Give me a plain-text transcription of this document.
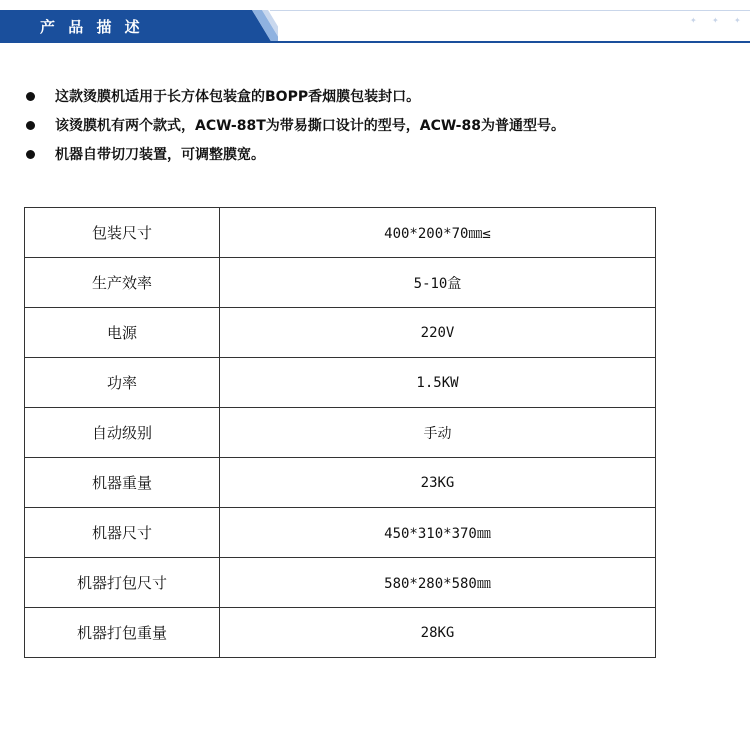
产 品 描 述	✦ ✦ ✦
这款烫膜机适用于长方体包装盒的BOPP香烟膜包装封口。
该烫膜机有两个款式，ACW-88T为带易撕口设计的型号，ACW-88为普通型号。
机器自带切刀装置，可调整膜宽。
包装尺寸	400*200*70㎜≤
生产效率	5-10盒
电源	220V
功率	1.5KW
自动级别	手动
机器重量	23KG
机器尺寸	450*310*370㎜
机器打包尺寸	580*280*580㎜
机器打包重量	28KG
